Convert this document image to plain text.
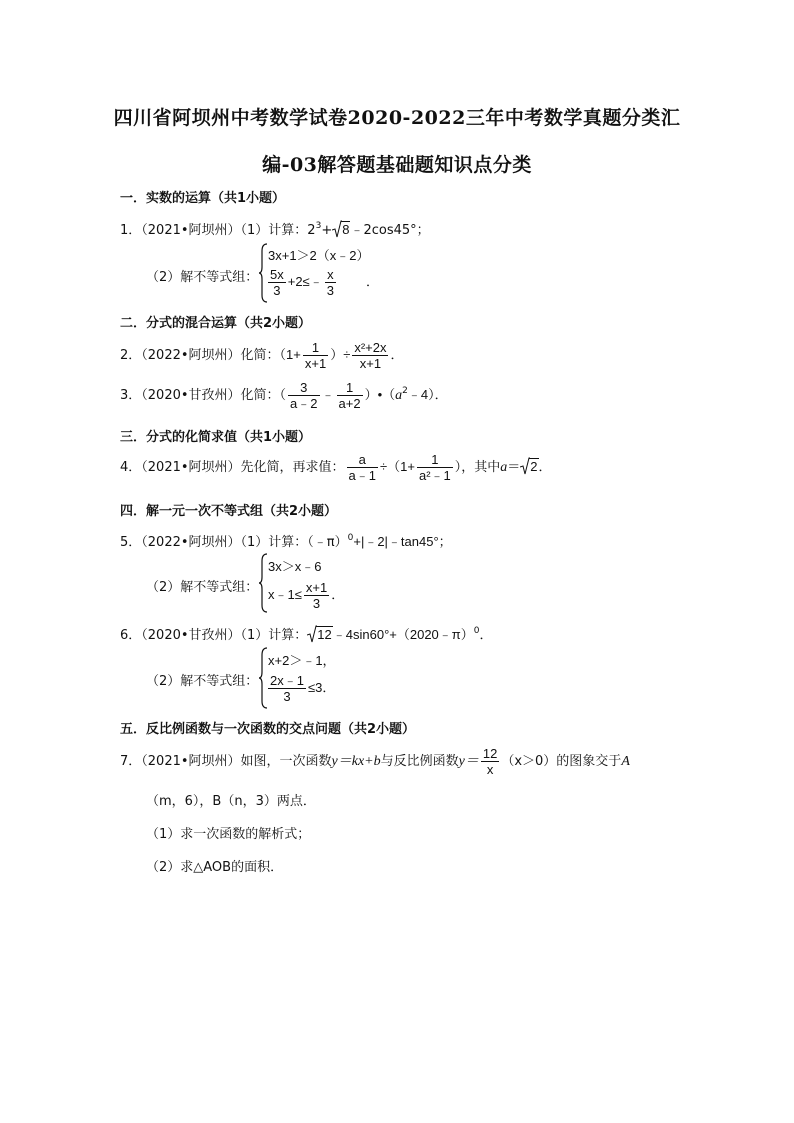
四川省阿坝州中考数学试卷2020-2022三年中考数学真题分类汇
编-03解答题基础题知识点分类
一．实数的运算（共1小题）
1．（2021•阿坝州）（1）计算：$2^3+$ 8﹣2cos45°；
（2）解不等式组：
3x+1＞2（x﹣2）
$\frac{5x}{3}$ +2≤﹣ $\frac{x}{3}$ ．
二．分式的混合运算（共2小题）
2．（2022•阿坝州）化简：（$1+ \frac{1}{x+1}$ ）÷ $\frac{\text{x²+2x}}{x+1}$ ．
3．（2020•甘孜州）化简：（ $\frac{3}{a﹣2}$ ﹣ $\frac{1}{a+2}$ ）$•(a^2﹣4)$．
三．分式的化简求值（共1小题）
4．（2021•阿坝州）先化简，再求值： $\frac{a}{a﹣1} \div(1+ \frac{1}{\text{a²﹣1}}$ ），其中a＝ 2．
四．解一元一次不等式组（共2小题）
5．（2022•阿坝州）（1）计算：（﹣π）$^0$+|﹣2|﹣tan45°；
（2）解不等式组：
3x＞x﹣6
x﹣1≤ $\frac{x+1}{3}$ ．
6．（2020•甘孜州）（1）计算： 12﹣4sin60°+（2020﹣π）$^0$．
（2）解不等式组：
x+2＞﹣1，
$\frac{2x﹣1}{3} \le 3$．
五．反比例函数与一次函数的交点问题（共2小题）
7．（2021•阿坝州）如图，一次函数y＝kx+b与反比例函数$y= \frac{12}{x} (x>0)$的图象交于A
（m，6），B（n，3）两点．
（1）求一次函数的解析式；
（2）求△AOB的面积．
